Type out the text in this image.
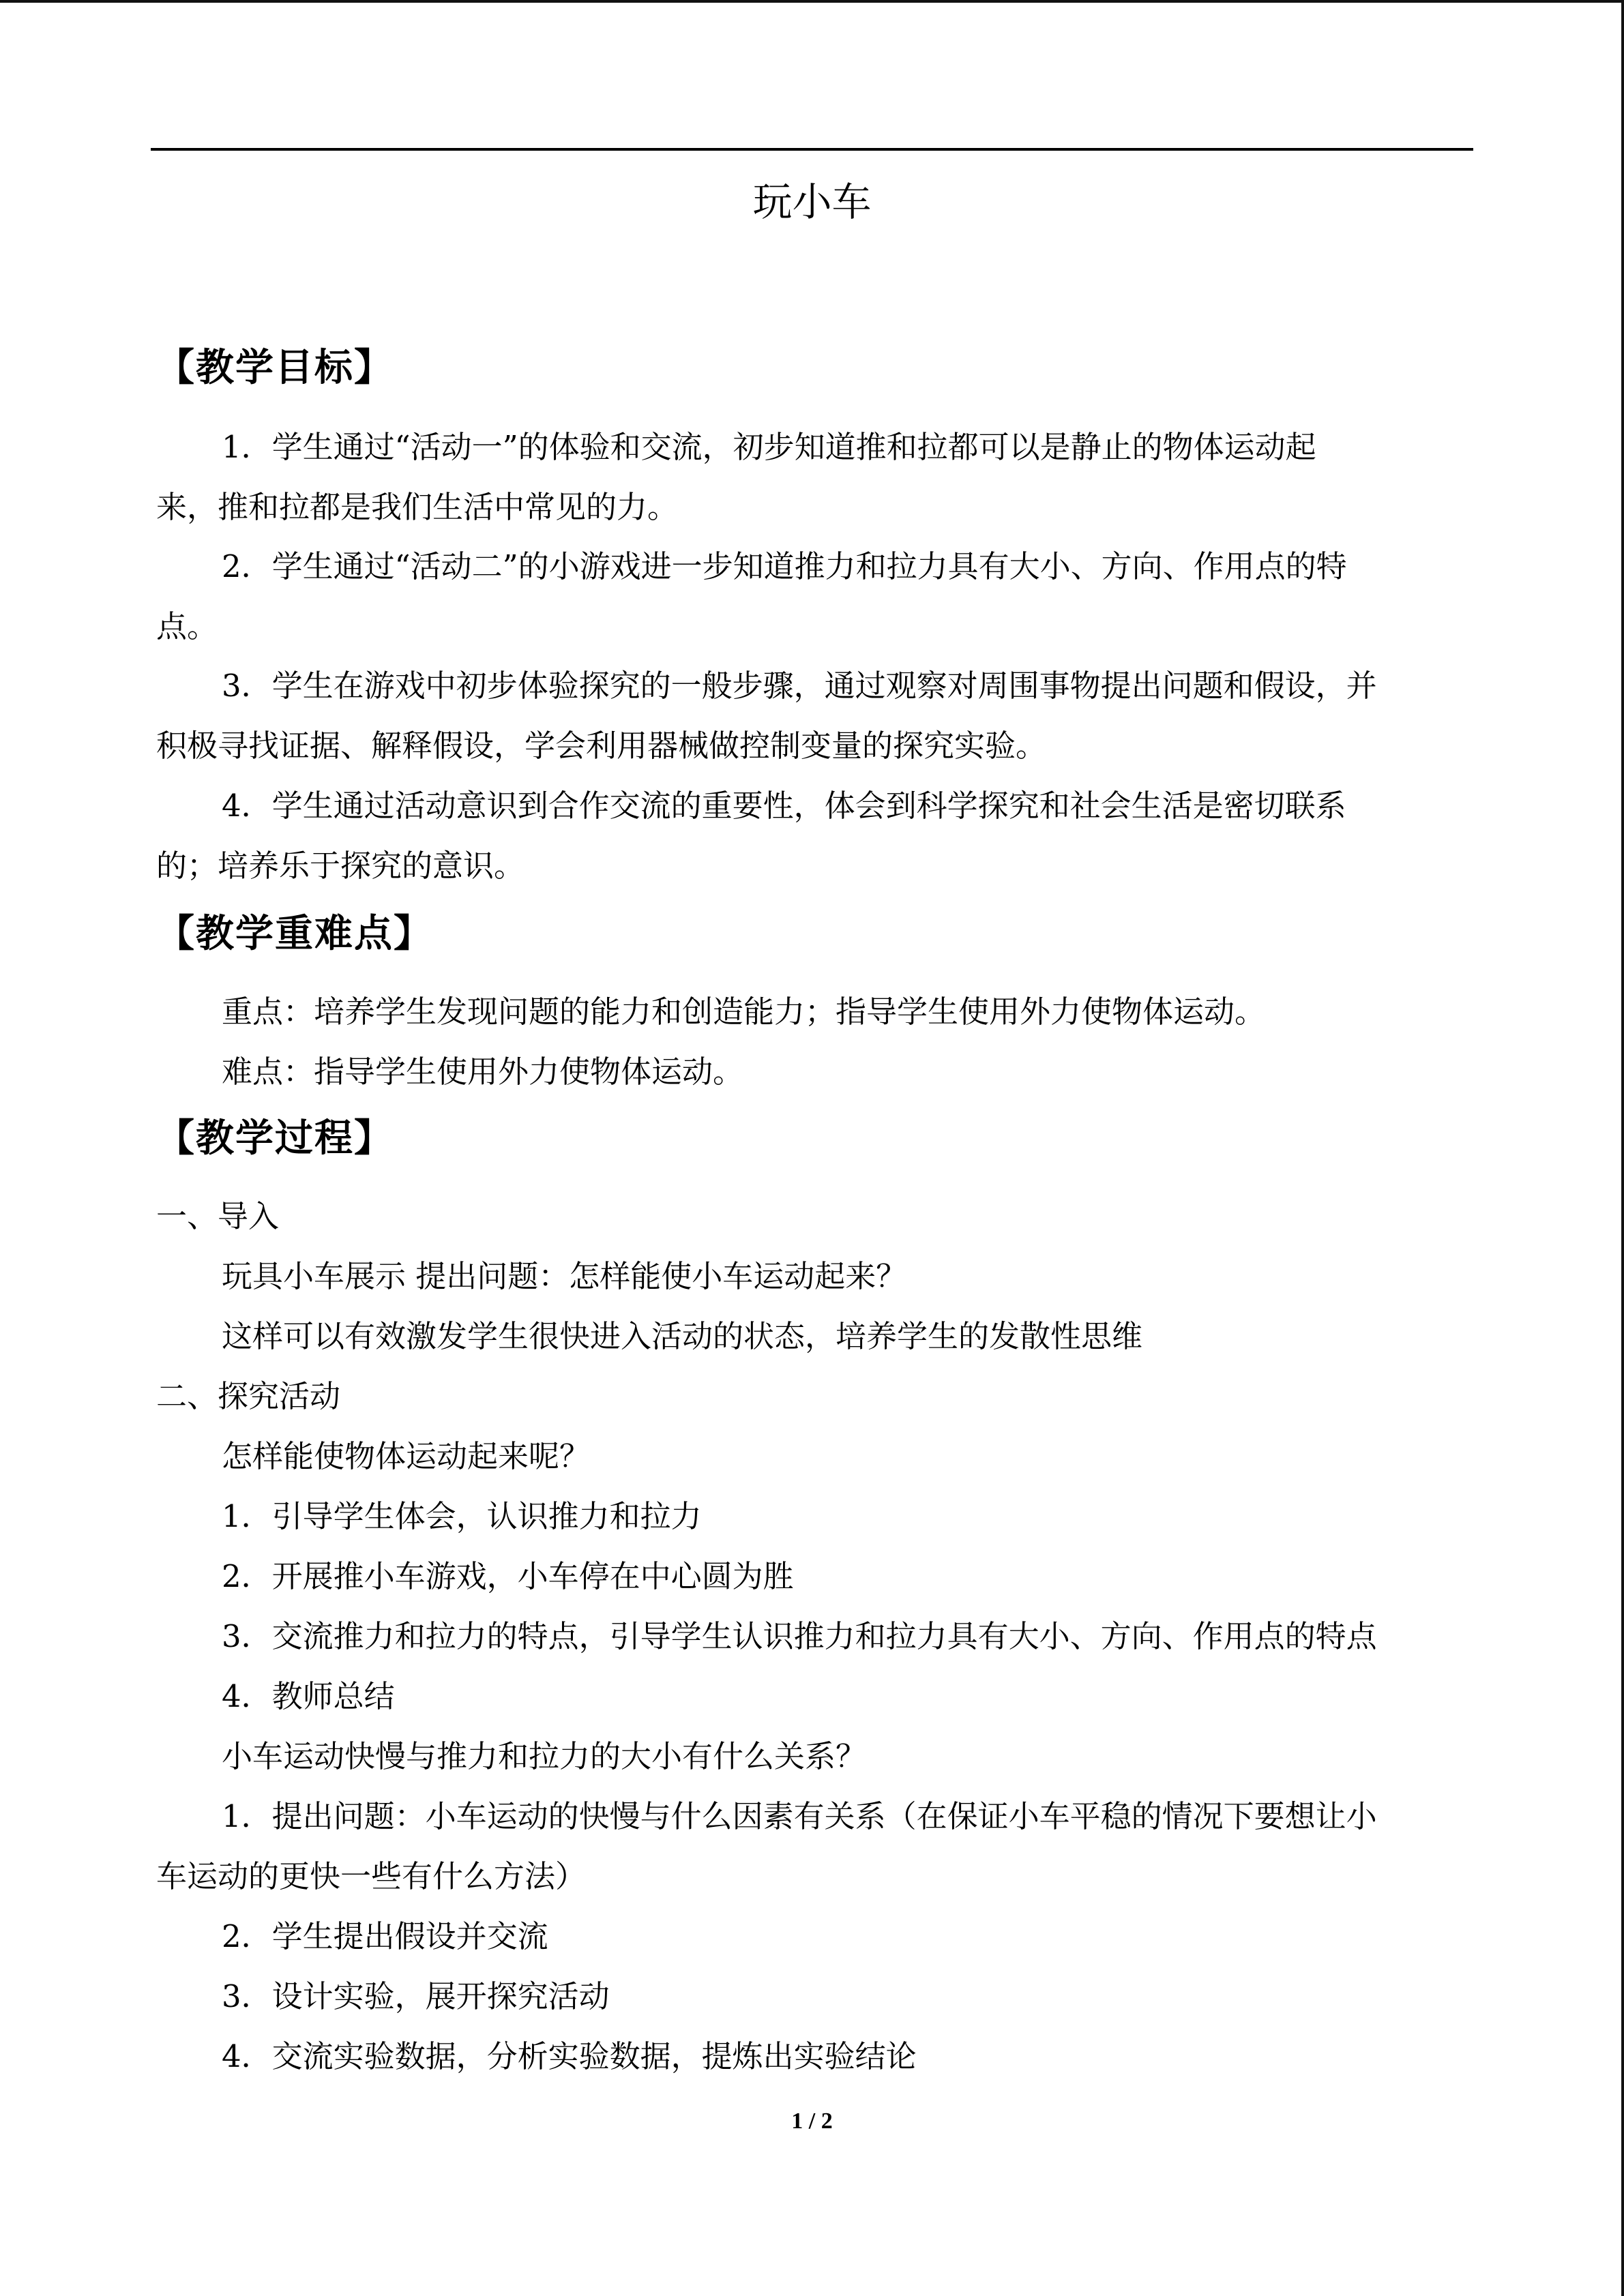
玩小车
【教学目标】
1．学生通过“活动一”的体验和交流，初步知道推和拉都可以是静止的物体运动起
来，推和拉都是我们生活中常见的力。
2．学生通过“活动二”的小游戏进一步知道推力和拉力具有大小、方向、作用点的特
点。
3．学生在游戏中初步体验探究的一般步骤，通过观察对周围事物提出问题和假设，并
积极寻找证据、解释假设，学会利用器械做控制变量的探究实验。
4．学生通过活动意识到合作交流的重要性，体会到科学探究和社会生活是密切联系
的；培养乐于探究的意识。
【教学重难点】
重点：培养学生发现问题的能力和创造能力；指导学生使用外力使物体运动。
难点：指导学生使用外力使物体运动。
【教学过程】
一、导入
玩具小车展示 提出问题：怎样能使小车运动起来？
这样可以有效激发学生很快进入活动的状态，培养学生的发散性思维
二、探究活动
怎样能使物体运动起来呢？
1．引导学生体会，认识推力和拉力
2．开展推小车游戏，小车停在中心圆为胜
3．交流推力和拉力的特点，引导学生认识推力和拉力具有大小、方向、作用点的特点
4．教师总结
小车运动快慢与推力和拉力的大小有什么关系？
1．提出问题：小车运动的快慢与什么因素有关系（在保证小车平稳的情况下要想让小
车运动的更快一些有什么方法）
2．学生提出假设并交流
3．设计实验，展开探究活动
4．交流实验数据，分析实验数据，提炼出实验结论
1 / 2
